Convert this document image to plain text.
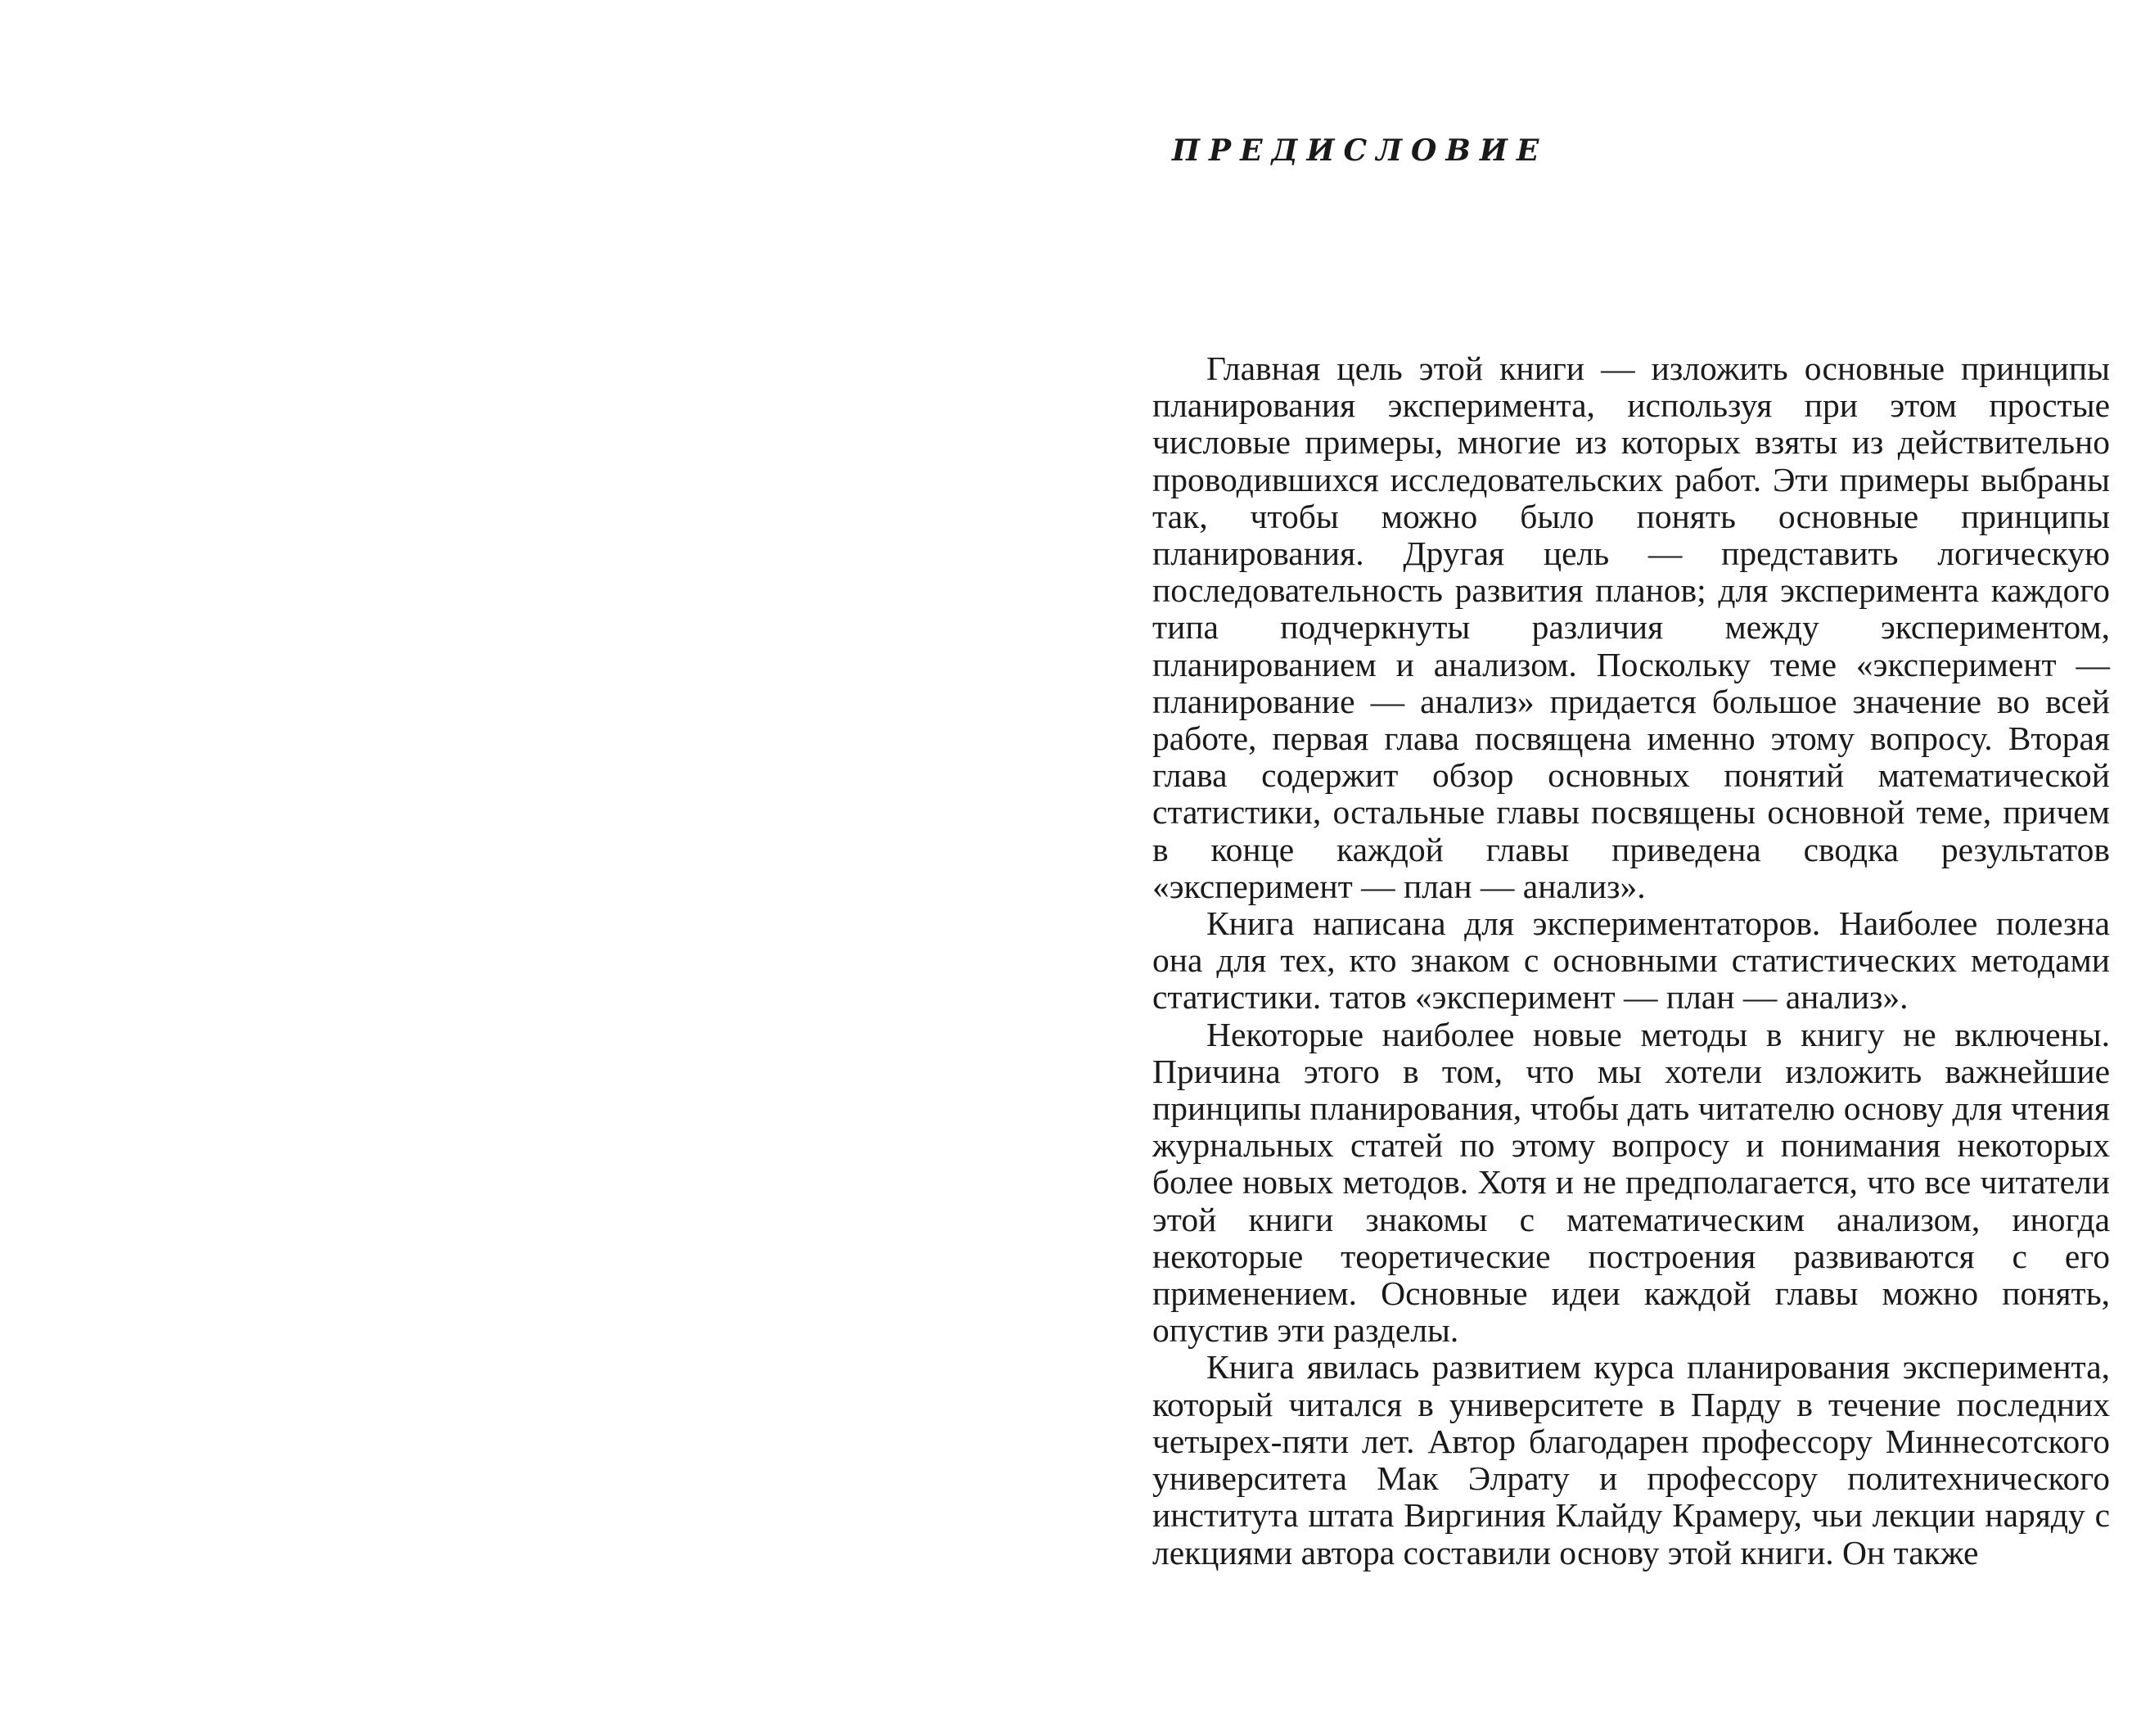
ПРЕДИСЛОВИЕ

Главная цель этой книги — изложить основные принципы планирования эксперимента, используя при этом простые числовые примеры, многие из которых взяты из действительно проводившихся исследовательских работ. Эти примеры выбраны так, чтобы можно было понять основные принципы планирования. Другая цель — представить логическую последовательность развития планов; для эксперимента каждого типа подчеркнуты различия между экспериментом, планированием и анализом. Поскольку теме «эксперимент — планирование — анализ» придается большое значение во всей работе, первая глава посвящена именно этому вопросу. Вторая глава содержит обзор основных понятий математической статистики, остальные главы посвящены основной теме, причем в конце каждой главы приведена сводка результатов «эксперимент — план — анализ».

Книга написана для экспериментаторов. Наиболее полезна она для тех, кто знаком с основными статистических методами статистики. татов «эксперимент — план — анализ».

Некоторые наиболее новые методы в книгу не включены. Причина этого в том, что мы хотели изложить важнейшие принципы планирования, чтобы дать читателю основу для чтения журнальных статей по этому вопросу и понимания некоторых более новых методов. Хотя и не предполагается, что все читатели этой книги знакомы с математическим анализом, иногда некоторые теоретические построения развиваются с его применением. Основные идеи каждой главы можно понять, опустив эти разделы.

Книга явилась развитием курса планирования эксперимента, который читался в университете в Парду в течение последних четырех-пяти лет. Автор благодарен профессору Миннесотского университета Мак Элрату и профессору политехнического института штата Виргиния Клайду Крамеру, чьи лекции наряду с лекциями автора составили основу этой книги. Он также
